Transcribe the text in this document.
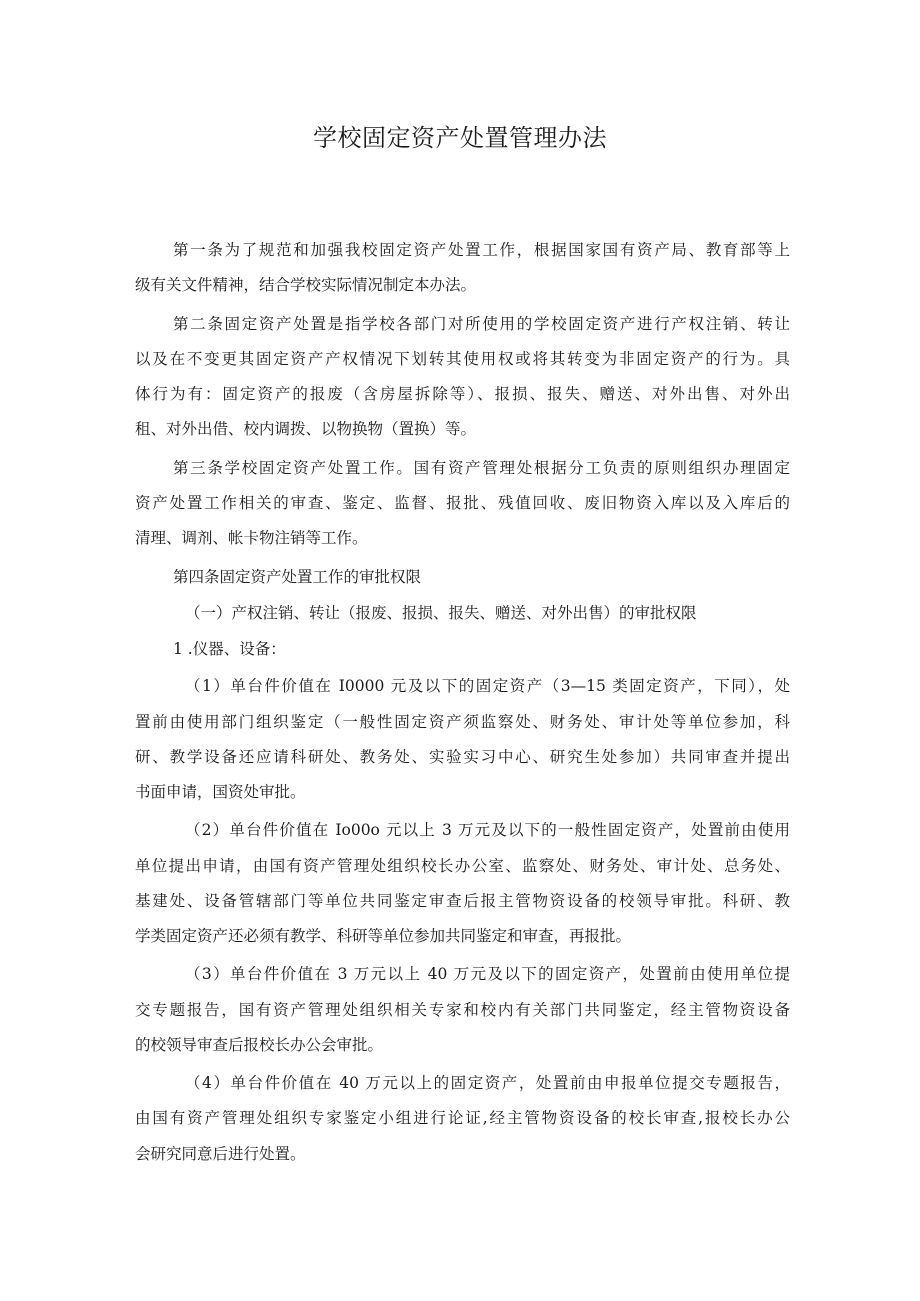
学校固定资产处置管理办法
第一条为了规范和加强我校固定资产处置工作，根据国家国有资产局、教育部等上
级有关文件精神，结合学校实际情况制定本办法。
第二条固定资产处置是指学校各部门对所使用的学校固定资产进行产权注销、转让
以及在不变更其固定资产产权情况下划转其使用权或将其转变为非固定资产的行为。具
体行为有：固定资产的报废（含房屋拆除等）、报损、报失、赠送、对外出售、对外出
租、对外出借、校内调拨、以物换物（置换）等。
第三条学校固定资产处置工作。国有资产管理处根据分工负责的原则组织办理固定
资产处置工作相关的审查、鉴定、监督、报批、残值回收、废旧物资入库以及入库后的
清理、调剂、帐卡物注销等工作。
第四条固定资产处置工作的审批权限
（一）产权注销、转让（报废、报损、报失、赠送、对外出售）的审批权限
1 .仪器、设备：
（1）单台件价值在 I0000 元及以下的固定资产（3—15 类固定资产，下同），处
置前由使用部门组织鉴定（一般性固定资产须监察处、财务处、审计处等单位参加，科
研、教学设备还应请科研处、教务处、实验实习中心、研究生处参加）共同审查并提出
书面申请，国资处审批。
（2）单台件价值在 Io00o 元以上 3 万元及以下的一般性固定资产，处置前由使用
单位提出申请，由国有资产管理处组织校长办公室、监察处、财务处、审计处、总务处、
基建处、设备管辖部门等单位共同鉴定审查后报主管物资设备的校领导审批。科研、教
学类固定资产还必须有教学、科研等单位参加共同鉴定和审查，再报批。
（3）单台件价值在 3 万元以上 40 万元及以下的固定资产，处置前由使用单位提
交专题报告，国有资产管理处组织相关专家和校内有关部门共同鉴定，经主管物资设备
的校领导审查后报校长办公会审批。
（4）单台件价值在 40 万元以上的固定资产，处置前由申报单位提交专题报告，
由国有资产管理处组织专家鉴定小组进行论证,经主管物资设备的校长审查,报校长办公
会研究同意后进行处置。
